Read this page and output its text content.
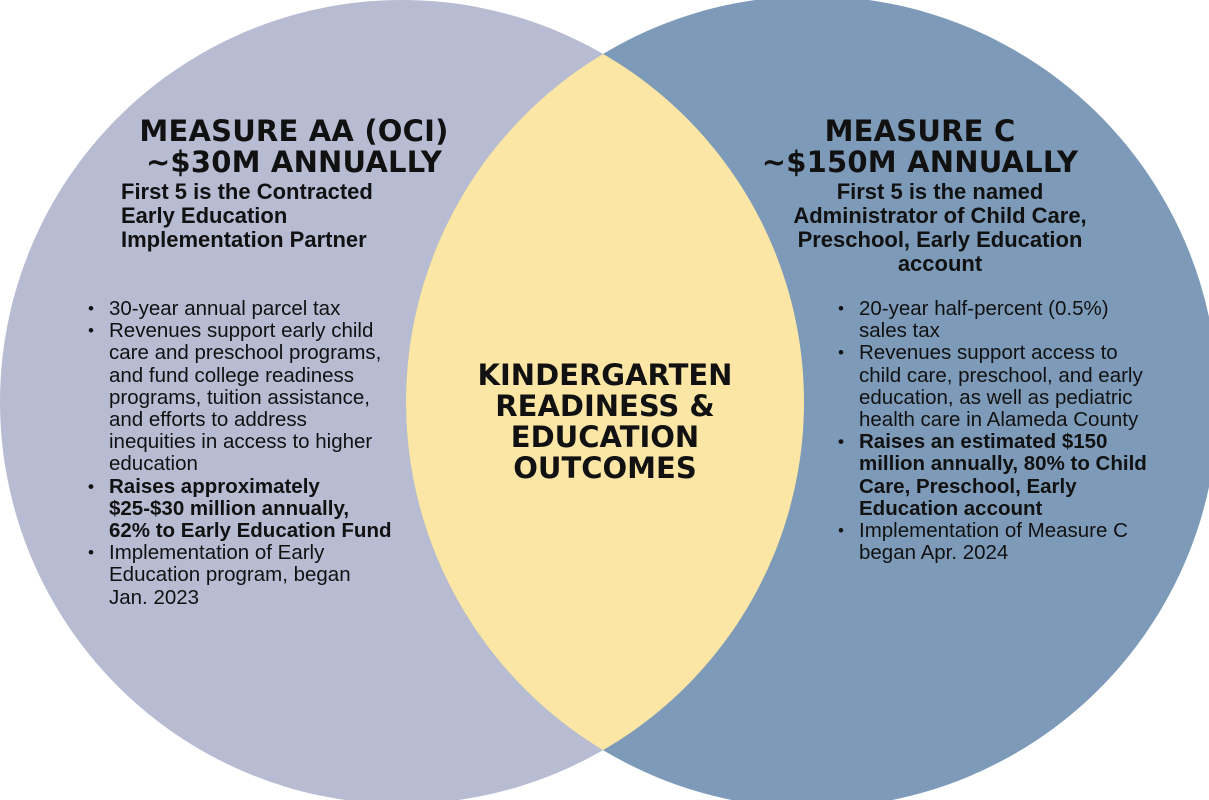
MEASURE AA (OCI)
~$30M ANNUALLY
First 5 is the Contracted
Early Education
Implementation Partner
• 30-year annual parcel tax
• Revenues support early child care and preschool programs, and fund college readiness programs, tuition assistance, and efforts to address inequities in access to higher education
• Raises approximately $25-$30 million annually, 62% to Early Education Fund
• Implementation of Early Education program, began Jan. 2023
KINDERGARTEN
READINESS &
EDUCATION
OUTCOMES
MEASURE C
~$150M ANNUALLY
First 5 is the named
Administrator of Child Care,
Preschool, Early Education
account
• 20-year half-percent (0.5%) sales tax
• Revenues support access to child care, preschool, and early education, as well as pediatric health care in Alameda County
• Raises an estimated $150 million annually, 80% to Child Care, Preschool, Early Education account
• Implementation of Measure C began Apr. 2024
